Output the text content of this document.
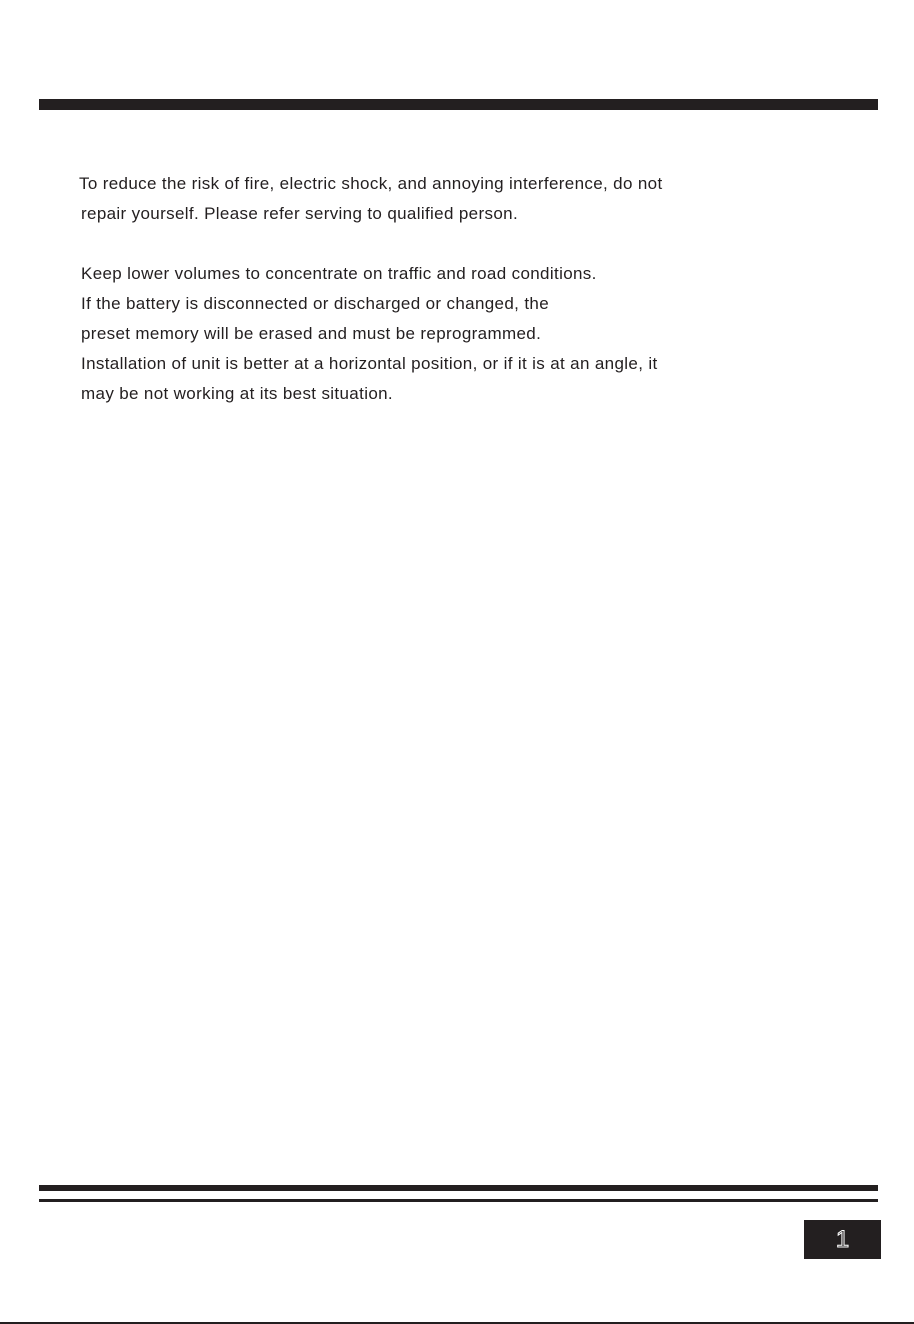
To reduce the risk of fire, electric shock, and annoying interference, do not
repair yourself. Please refer serving to qualified person.
Keep lower volumes to concentrate on traffic and road conditions.
If the battery is disconnected or discharged or changed, the
preset memory will be erased and must be reprogrammed.
Installation of unit is better at a horizontal position, or if it is at an angle, it
may be not working at its best situation.
1
